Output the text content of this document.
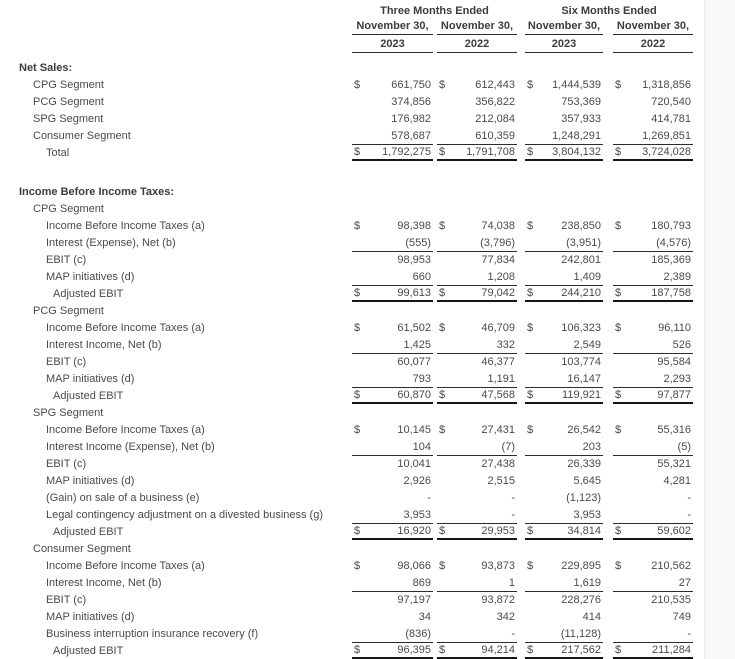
Three Months Ended	Six Months Ended
November 30,	November 30,	November 30,	November 30,
2023	2022	2023	2022
Net Sales:
CPG Segment	$	661,750 $	612,443 $ 1,444,539 $ 1,318,856
PCG Segment	374,856	356,822	753,369	720,540
SPG Segment	176,982	212,084	357,933	414,781
Consumer Segment	578,687	610,359	1,248,291	1,269,851
Total	$ 1,792,275 $ 1,791,708 $ 3,804,132 $ 3,724,028
Income Before Income Taxes:
CPG Segment
Income Before Income Taxes (a)	$	98,398 $	74,038 $	238,850 $	180,793
Interest (Expense), Net (b)	(555)	(3,796)	(3,951)	(4,576)
EBIT (c)	98,953	77,834	242,801	185,369
MAP initiatives (d)	660	1,208	1,409	2,389
Adjusted EBIT	$	99,613 $	79,042 $	244,210 $	187,758
PCG Segment
Income Before Income Taxes (a)	$	61,502 $	46,709 $	106,323 $	96,110
Interest Income, Net (b)	1,425	332	2,549	526
EBIT (c)	60,077	46,377	103,774	95,584
MAP initiatives (d)	793	1,191	16,147	2,293
Adjusted EBIT	$	60,870 $	47,568 $	119,921 $	97,877
SPG Segment
Income Before Income Taxes (a)	$	10,145 $	27,431 $	26,542 $	55,316
Interest Income (Expense), Net (b)	104	(7)	203	(5)
EBIT (c)	10,041	27,438	26,339	55,321
MAP initiatives (d)	2,926	2,515	5,645	4,281
(Gain) on sale of a business (e)	-	-	(1,123)	-
Legal contingency adjustment on a divested business (g)	3,953	-	3,953	-
Adjusted EBIT	$	16,920 $	29,953 $	34,814 $	59,602
Consumer Segment
Income Before Income Taxes (a)	$	98,066 $	93,873 $	229,895 $	210,562
Interest Income, Net (b)	869	1	1,619	27
EBIT (c)	97,197	93,872	228,276	210,535
MAP initiatives (d)	34	342	414	749
Business interruption insurance recovery (f)	(836)	-	(11,128)	-
Adjusted EBIT	$	96,395 $	94,214 $	217,562 $	211,284
